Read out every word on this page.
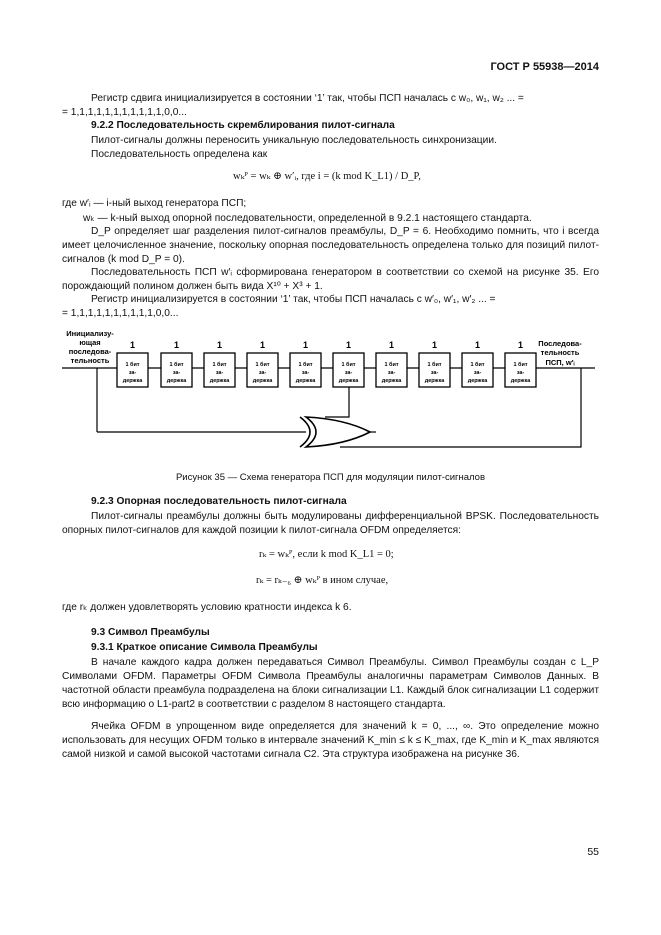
ГОСТ Р 55938—2014
Регистр сдвига инициализируется в состоянии ‘1’ так, чтобы ПСП началась с w₀, w₁, w₂ ... =
= 1,1,1,1,1,1,1,1,1,1,1,0,0...
9.2.2 Последовательность скремблирования пилот-сигнала
Пилот-сигналы должны переносить уникальную последовательность синхронизации.
Последовательность определена как
wₖᴾ = wₖ ⊕ w′ᵢ, где i = (k mod K_L1) / D_P,
где w′ᵢ — i-ный выход генератора ПСП;
wₖ — k-ный выход опорной последовательности, определенной в 9.2.1 настоящего стандарта.
D_P определяет шаг разделения пилот-сигналов преамбулы, D_P = 6. Необходимо помнить, что i всегда имеет целочисленное значение, поскольку опорная последовательность определена только для позиций пилот-сигналов (k mod D_P = 0).
Последовательность ПСП w′ᵢ сформирована генератором в соответствии со схемой на рисунке 35. Его порождающий полином должен быть вида X¹⁰ + X³ + 1.
Регистр инициализируется в состоянии ‘1’ так, чтобы ПСП началась с w′₀, w′₁, w′₂ ... =
= 1,1,1,1,1,1,1,1,1,1,0,0...
Инициализу-
ющая
последова-
тельность
Последова-
тельность
ПСП, w′ᵢ
1
1 бит
за-
держка
1
1 бит
за-
держка
1
1 бит
за-
держка
1
1 бит
за-
держка
1
1 бит
за-
держка
1
1 бит
за-
держка
1
1 бит
за-
держка
1
1 бит
за-
держка
1
1 бит
за-
держка
1
1 бит
за-
держка
Рисунок 35 — Схема генератора ПСП для модуляции пилот-сигналов
9.2.3 Опорная последовательность пилот-сигнала
Пилот-сигналы преамбулы должны быть модулированы дифференциальной BPSK. Последовательность опорных пилот-сигналов для каждой позиции k пилот-сигнала OFDM определяется:
rₖ = wₖᴾ, если k mod K_L1 = 0;
rₖ = rₖ₋₆ ⊕ wₖᴾ в ином случае,
где rₖ должен удовлетворять условию кратности индекса k 6.
9.3 Символ Преамбулы
9.3.1 Краткое описание Символа Преамбулы
В начале каждого кадра должен передаваться Символ Преамбулы. Символ Преамбулы создан с L_P Символами OFDM. Параметры OFDM Символа Преамбулы аналогичны параметрам Символов Данных. В частотной области преамбула подразделена на блоки сигнализации L1. Каждый блок сигнализации L1 содержит всю информацию о L1-part2 в соответствии с разделом 8 настоящего стандарта.
Ячейка OFDM в упрощенном виде определяется для значений k = 0, ..., ∞. Это определение можно использовать для несущих OFDM только в интервале значений K_min ≤ k ≤ K_max, где K_min и K_max являются самой низкой и самой высокой частотами сигнала C2. Эта структура изображена на рисунке 36.
55
